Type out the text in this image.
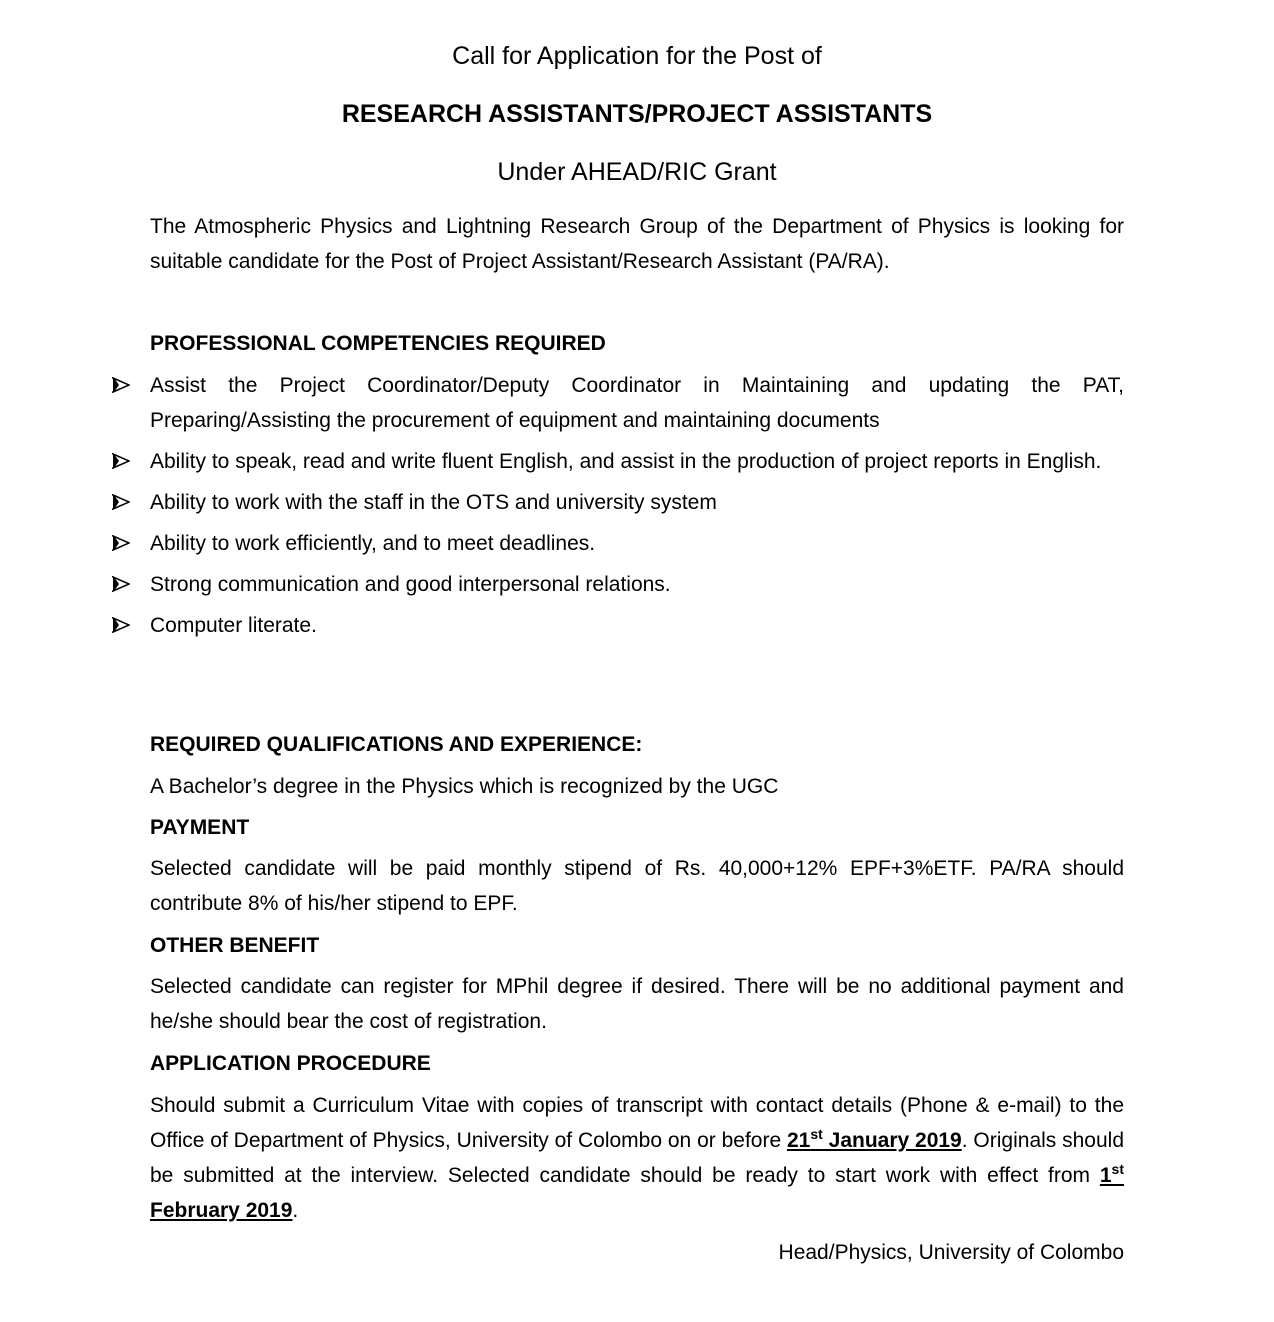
Call for Application for the Post of
RESEARCH ASSISTANTS/PROJECT ASSISTANTS
Under AHEAD/RIC Grant
The Atmospheric Physics and Lightning Research Group of the Department of Physics is looking for suitable candidate for the Post of Project Assistant/Research Assistant (PA/RA).
PROFESSIONAL COMPETENCIES REQUIRED
Assist the Project Coordinator/Deputy Coordinator in Maintaining and updating the PAT, Preparing/Assisting the procurement of equipment and maintaining documents
Ability to speak, read and write fluent English, and assist in the production of project reports in English.
Ability to work with the staff in the OTS and university system
Ability to work efficiently, and to meet deadlines.
Strong communication and good interpersonal relations.
Computer literate.
REQUIRED QUALIFICATIONS AND EXPERIENCE:
A Bachelor’s degree in the Physics which is recognized by the UGC
PAYMENT
Selected candidate will be paid monthly stipend of Rs. 40,000+12% EPF+3%ETF. PA/RA should contribute 8% of his/her stipend to EPF.
OTHER BENEFIT
Selected candidate can register for MPhil degree if desired. There will be no additional payment and he/she should bear the cost of registration.
APPLICATION PROCEDURE
Should submit a Curriculum Vitae with copies of transcript with contact details (Phone & e-mail) to the Office of Department of Physics, University of Colombo on or before 21st January 2019. Originals should be submitted at the interview. Selected candidate should be ready to start work with effect from 1st February 2019.
Head/Physics, University of Colombo
